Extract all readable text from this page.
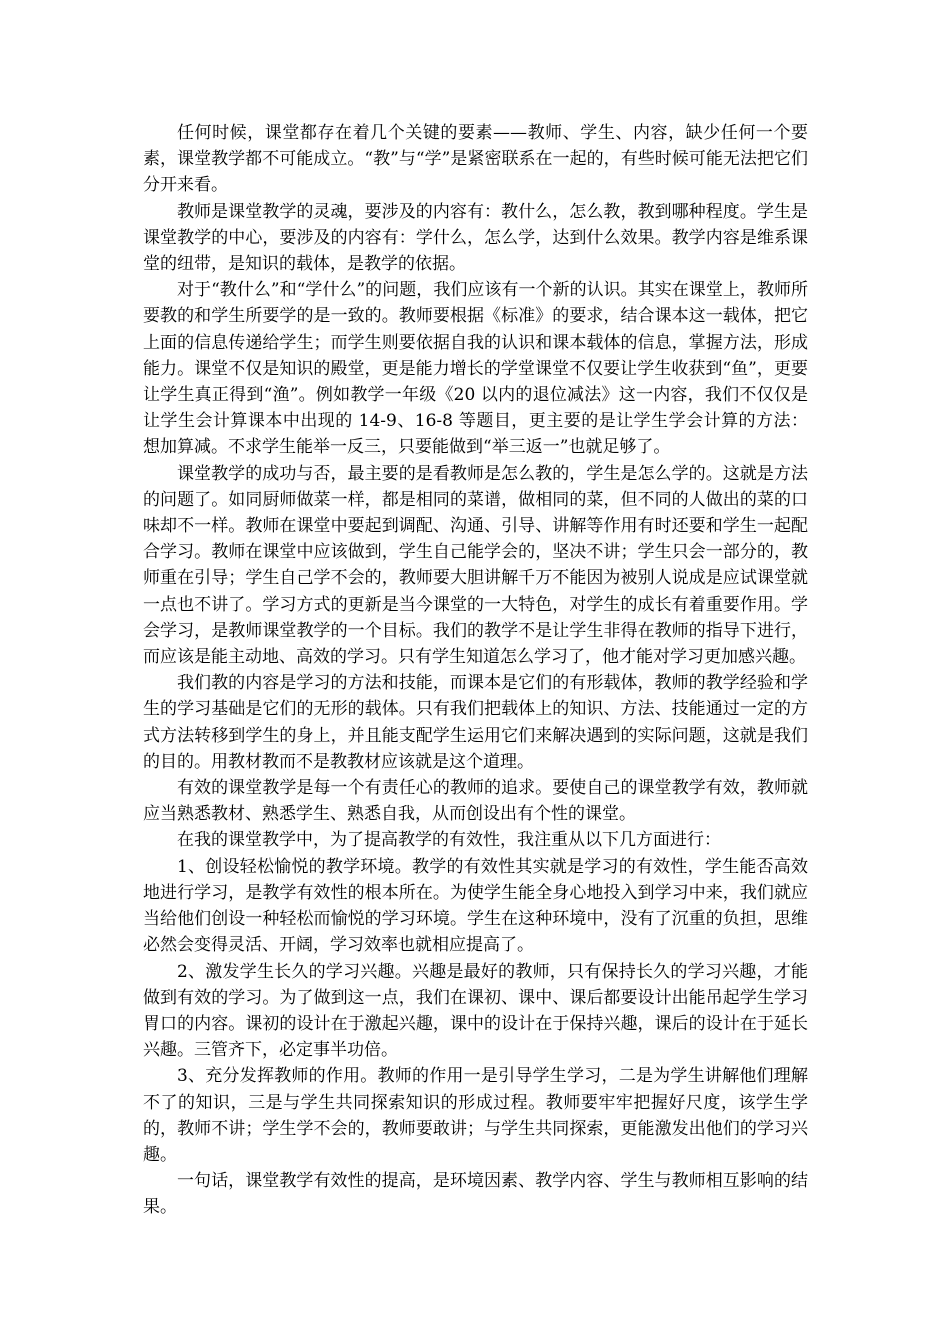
任何时候，课堂都存在着几个关键的要素——教师、学生、内容，缺少任何一个要素，课堂教学都不可能成立。“教”与“学”是紧密联系在一起的，有些时候可能无法把它们分开来看。

教师是课堂教学的灵魂，要涉及的内容有：教什么，怎么教，教到哪种程度。学生是课堂教学的中心，要涉及的内容有：学什么，怎么学，达到什么效果。教学内容是维系课堂的纽带，是知识的载体，是教学的依据。

对于“教什么”和“学什么”的问题，我们应该有一个新的认识。其实在课堂上，教师所要教的和学生所要学的是一致的。教师要根据《标准》的要求，结合课本这一载体，把它上面的信息传递给学生；而学生则要依据自我的认识和课本载体的信息，掌握方法，形成能力。课堂不仅是知识的殿堂，更是能力增长的学堂课堂不仅要让学生收获到“鱼”，更要让学生真正得到“渔”。例如教学一年级《20 以内的退位减法》这一内容，我们不仅仅是让学生会计算课本中出现的 14-9、16-8 等题目，更主要的是让学生学会计算的方法：想加算减。不求学生能举一反三，只要能做到“举三返一”也就足够了。

课堂教学的成功与否，最主要的是看教师是怎么教的，学生是怎么学的。这就是方法的问题了。如同厨师做菜一样，都是相同的菜谱，做相同的菜，但不同的人做出的菜的口味却不一样。教师在课堂中要起到调配、沟通、引导、讲解等作用有时还要和学生一起配合学习。教师在课堂中应该做到，学生自己能学会的，坚决不讲；学生只会一部分的，教师重在引导；学生自己学不会的，教师要大胆讲解千万不能因为被别人说成是应试课堂就一点也不讲了。学习方式的更新是当今课堂的一大特色，对学生的成长有着重要作用。学会学习，是教师课堂教学的一个目标。我们的教学不是让学生非得在教师的指导下进行，而应该是能主动地、高效的学习。只有学生知道怎么学习了，他才能对学习更加感兴趣。

我们教的内容是学习的方法和技能，而课本是它们的有形载体，教师的教学经验和学生的学习基础是它们的无形的载体。只有我们把载体上的知识、方法、技能通过一定的方式方法转移到学生的身上，并且能支配学生运用它们来解决遇到的实际问题，这就是我们的目的。用教材教而不是教教材应该就是这个道理。

有效的课堂教学是每一个有责任心的教师的追求。要使自己的课堂教学有效，教师就应当熟悉教材、熟悉学生、熟悉自我，从而创设出有个性的课堂。

在我的课堂教学中，为了提高教学的有效性，我注重从以下几方面进行：

1、创设轻松愉悦的教学环境。教学的有效性其实就是学习的有效性，学生能否高效地进行学习，是教学有效性的根本所在。为使学生能全身心地投入到学习中来，我们就应当给他们创设一种轻松而愉悦的学习环境。学生在这种环境中，没有了沉重的负担，思维必然会变得灵活、开阔，学习效率也就相应提高了。

2、激发学生长久的学习兴趣。兴趣是最好的教师，只有保持长久的学习兴趣，才能做到有效的学习。为了做到这一点，我们在课初、课中、课后都要设计出能吊起学生学习胃口的内容。课初的设计在于激起兴趣，课中的设计在于保持兴趣，课后的设计在于延长兴趣。三管齐下，必定事半功倍。

3、充分发挥教师的作用。教师的作用一是引导学生学习，二是为学生讲解他们理解不了的知识，三是与学生共同探索知识的形成过程。教师要牢牢把握好尺度，该学生学的，教师不讲；学生学不会的，教师要敢讲；与学生共同探索，更能激发出他们的学习兴趣。

一句话，课堂教学有效性的提高，是环境因素、教学内容、学生与教师相互影响的结果。
